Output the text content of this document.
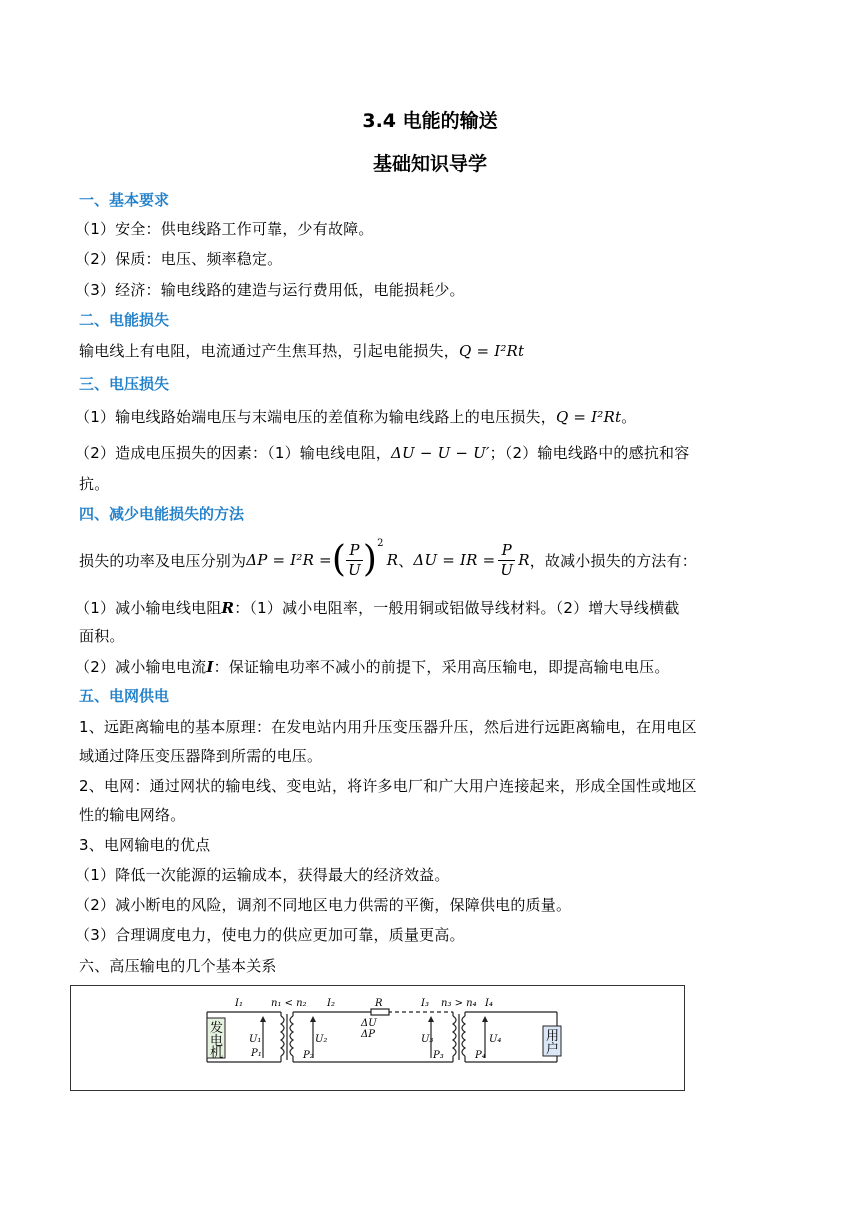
3.4 电能的输送
基础知识导学
一、基本要求
（1）安全：供电线路工作可靠，少有故障。
（2）保质：电压、频率稳定。
（3）经济：输电线路的建造与运行费用低，电能损耗少。
二、电能损失
输电线上有电阻，电流通过产生焦耳热，引起电能损失，Q = I²Rt
三、电压损失
（1）输电线路始端电压与末端电压的差值称为输电线路上的电压损失，Q = I²Rt。
（2）造成电压损失的因素：（1）输电线电阻，ΔU − U − U′；（2）输电线路中的感抗和容
抗。
四、减少电能损失的方法
损失的功率及电压分别为 ΔP = I²R = ( $\frac{P}{U}$ ) 2
R 、 ΔU = IR = $\frac{P}{U}$ R ，故减小损失的方法有：
（1）减小输电线电阻R：（1）减小电阻率，一般用铜或铝做导线材料。（2）增大导线横截
面积。
（2）减小输电电流I：保证输电功率不减小的前提下，采用高压输电，即提高输电电压。
五、电网供电
1、远距离输电的基本原理：在发电站内用升压变压器升压，然后进行远距离输电，在用电区
域通过降压变压器降到所需的电压。
2、电网：通过网状的输电线、变电站，将许多电厂和广大用户连接起来，形成全国性或地区
性的输电网络。
3、电网输电的优点
（1）降低一次能源的运输成本，获得最大的经济效益。
（2）减小断电的风险，调剂不同地区电力供需的平衡，保障供电的质量。
（3）合理调度电力，使电力的供应更加可靠，质量更高。
六、高压输电的几个基本关系
发
电
机
用
户
I₁	n₁ < n₂ I₂	R
ΔU
ΔP
I₃ n₃ > n₄ I₄
U₁
P₁
U₂
P₂
U₃
P₃
U₄
P₄
